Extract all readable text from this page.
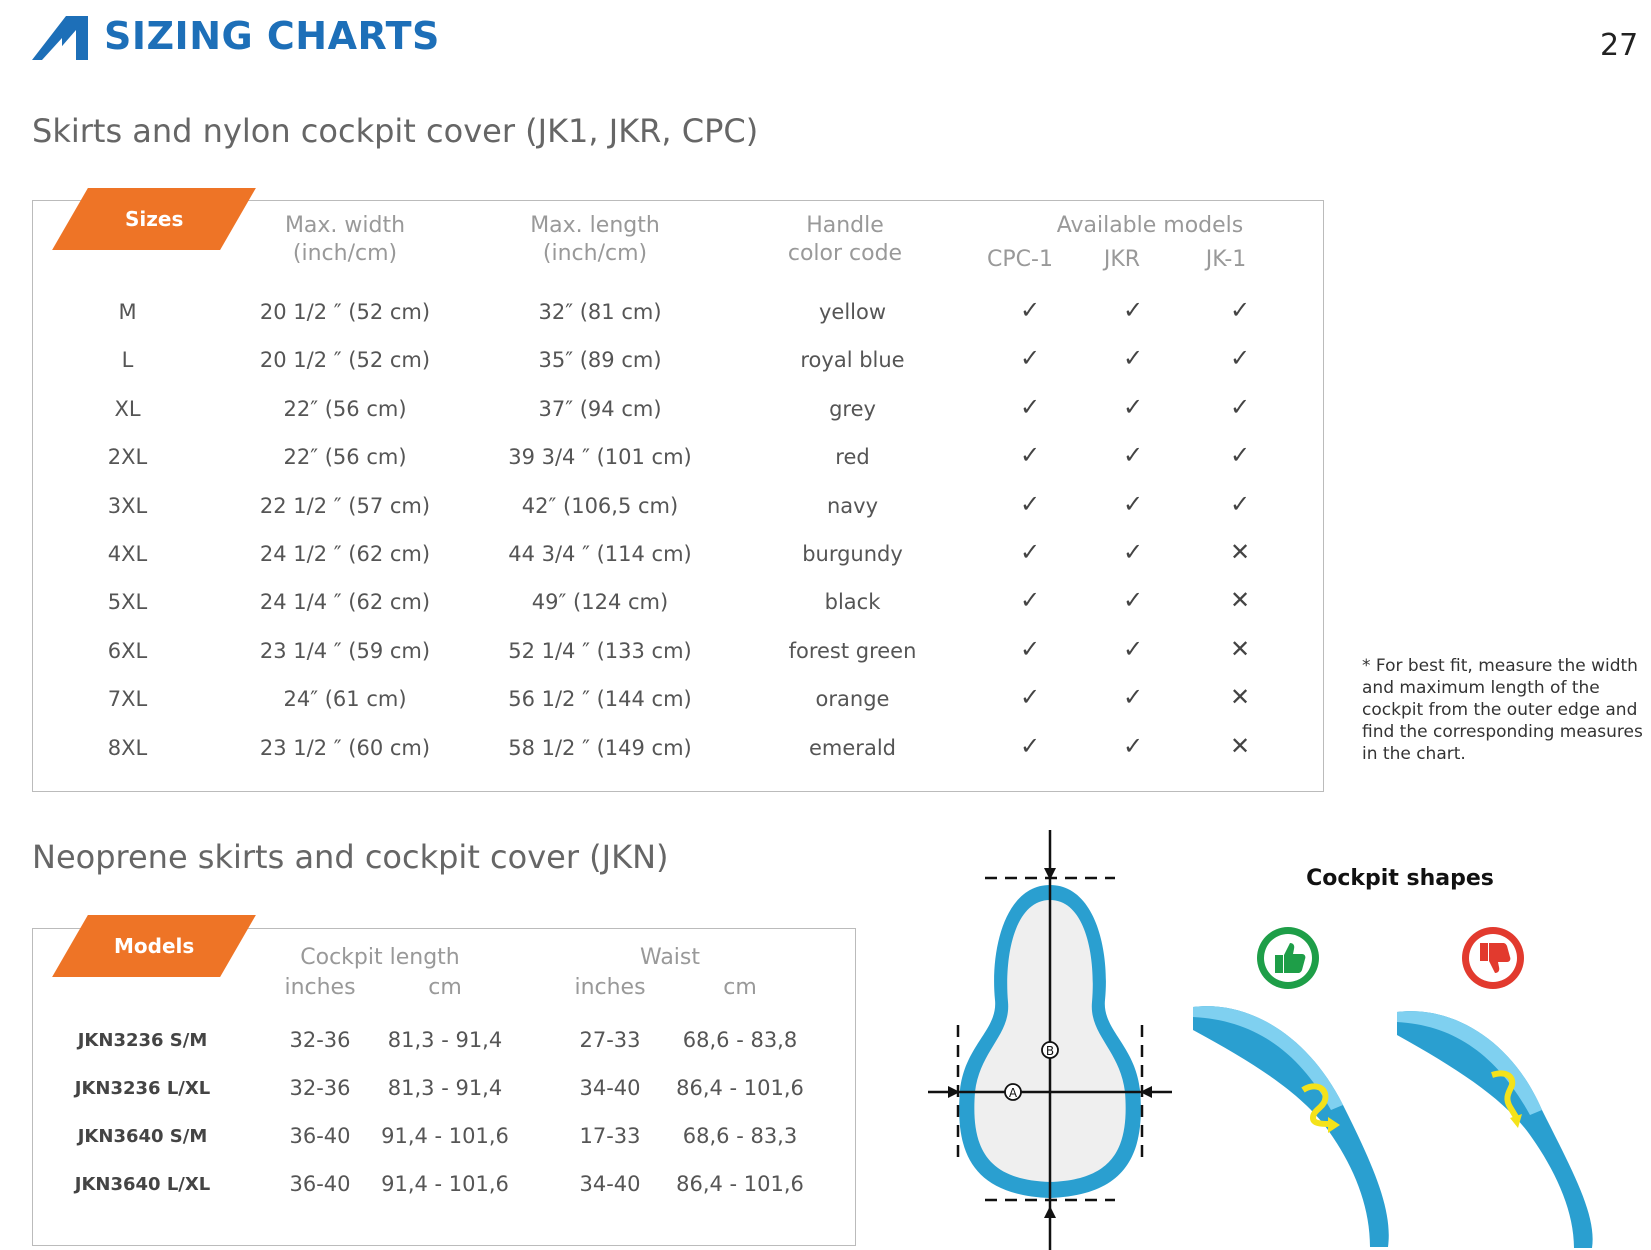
SIZING CHARTS	27
Skirts and nylon cockpit cover (JK1, JKR, CPC)
Sizes	Max. width
(inch/cm)
Max. length
(inch/cm)
Handle
color code
Available models
CPC-1	JKR	JK-1
M	20 1/2 ″ (52 cm)	32″ (81 cm)	yellow	✓	✓	✓
L	20 1/2 ″ (52 cm)	35″ (89 cm)	royal blue	✓	✓	✓
XL	22″ (56 cm)	37″ (94 cm)	grey	✓	✓	✓
2XL	22″ (56 cm)	39 3/4 ″ (101 cm)	red	✓	✓	✓
3XL	22 1/2 ″ (57 cm)	42″ (106,5 cm)	navy	✓	✓	✓
4XL	24 1/2 ″ (62 cm)	44 3/4 ″ (114 cm)	burgundy	✓	✓	✕
5XL	24 1/4 ″ (62 cm)	49″ (124 cm)	black	✓	✓	✕
6XL	23 1/4 ″ (59 cm)	52 1/4 ″ (133 cm)	forest green	✓	✓	✕
7XL	24″ (61 cm)	56 1/2 ″ (144 cm)	orange	✓	✓	✕
8XL	23 1/2 ″ (60 cm)	58 1/2 ″ (149 cm)	emerald	✓	✓	✕
* For best fit, measure the width and maximum length of the cockpit from the outer edge and find the corresponding measures in the chart.
Neoprene skirts and cockpit cover (JKN)
Models	Cockpit length	Waist
inches	cm	inches	cm
JKN3236 S/M	32-36	81,3 - 91,4	27-33	68,6 - 83,8
JKN3236 L/XL	32-36	81,3 - 91,4	34-40	86,4 - 101,6
JKN3640 S/M	36-40	91,4 - 101,6	17-33	68,6 - 83,3
JKN3640 L/XL	36-40	91,4 - 101,6	34-40	86,4 - 101,6
B
A
Cockpit shapes
